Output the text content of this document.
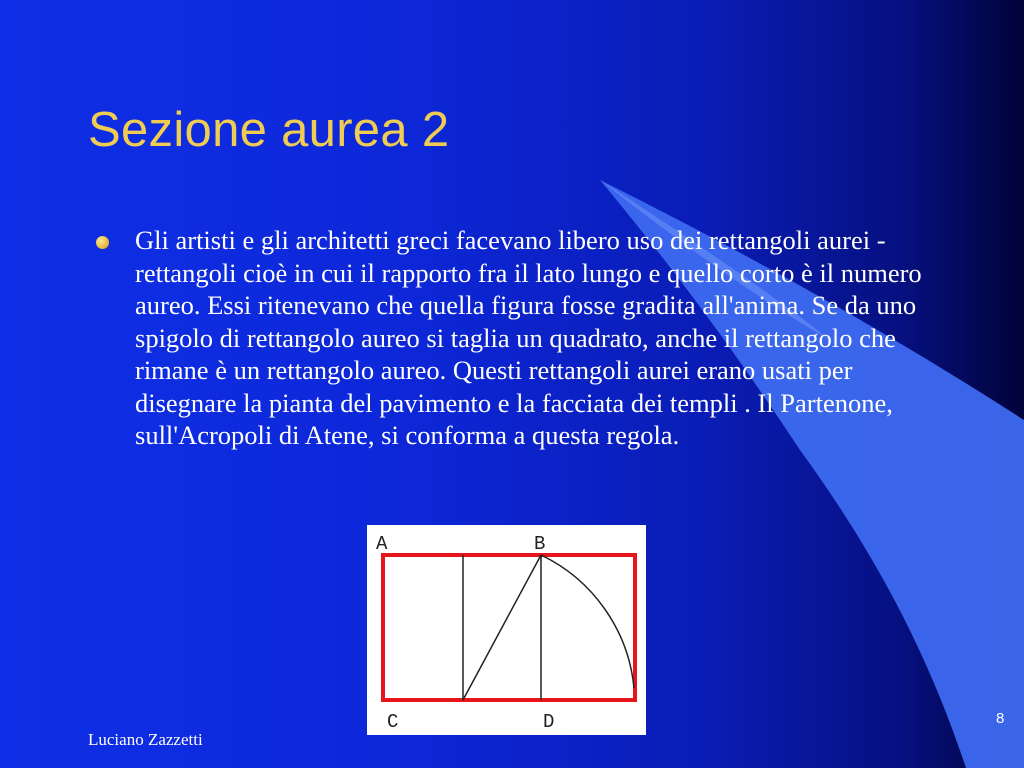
Sezione aurea 2
Gli artisti e gli architetti greci facevano libero uso dei rettangoli aurei - rettangoli cioè in cui il rapporto fra il lato lungo e quello corto è il numero aureo. Essi ritenevano che quella figura fosse gradita all'anima. Se da uno spigolo di rettangolo aureo si taglia un quadrato, anche il rettangolo che rimane è un rettangolo aureo. Questi rettangoli aurei erano usati per disegnare la pianta del pavimento e la facciata dei templi . Il Partenone, sull'Acropoli di Atene, si conforma a questa regola.
A	B
C	D
Luciano Zazzetti
8
